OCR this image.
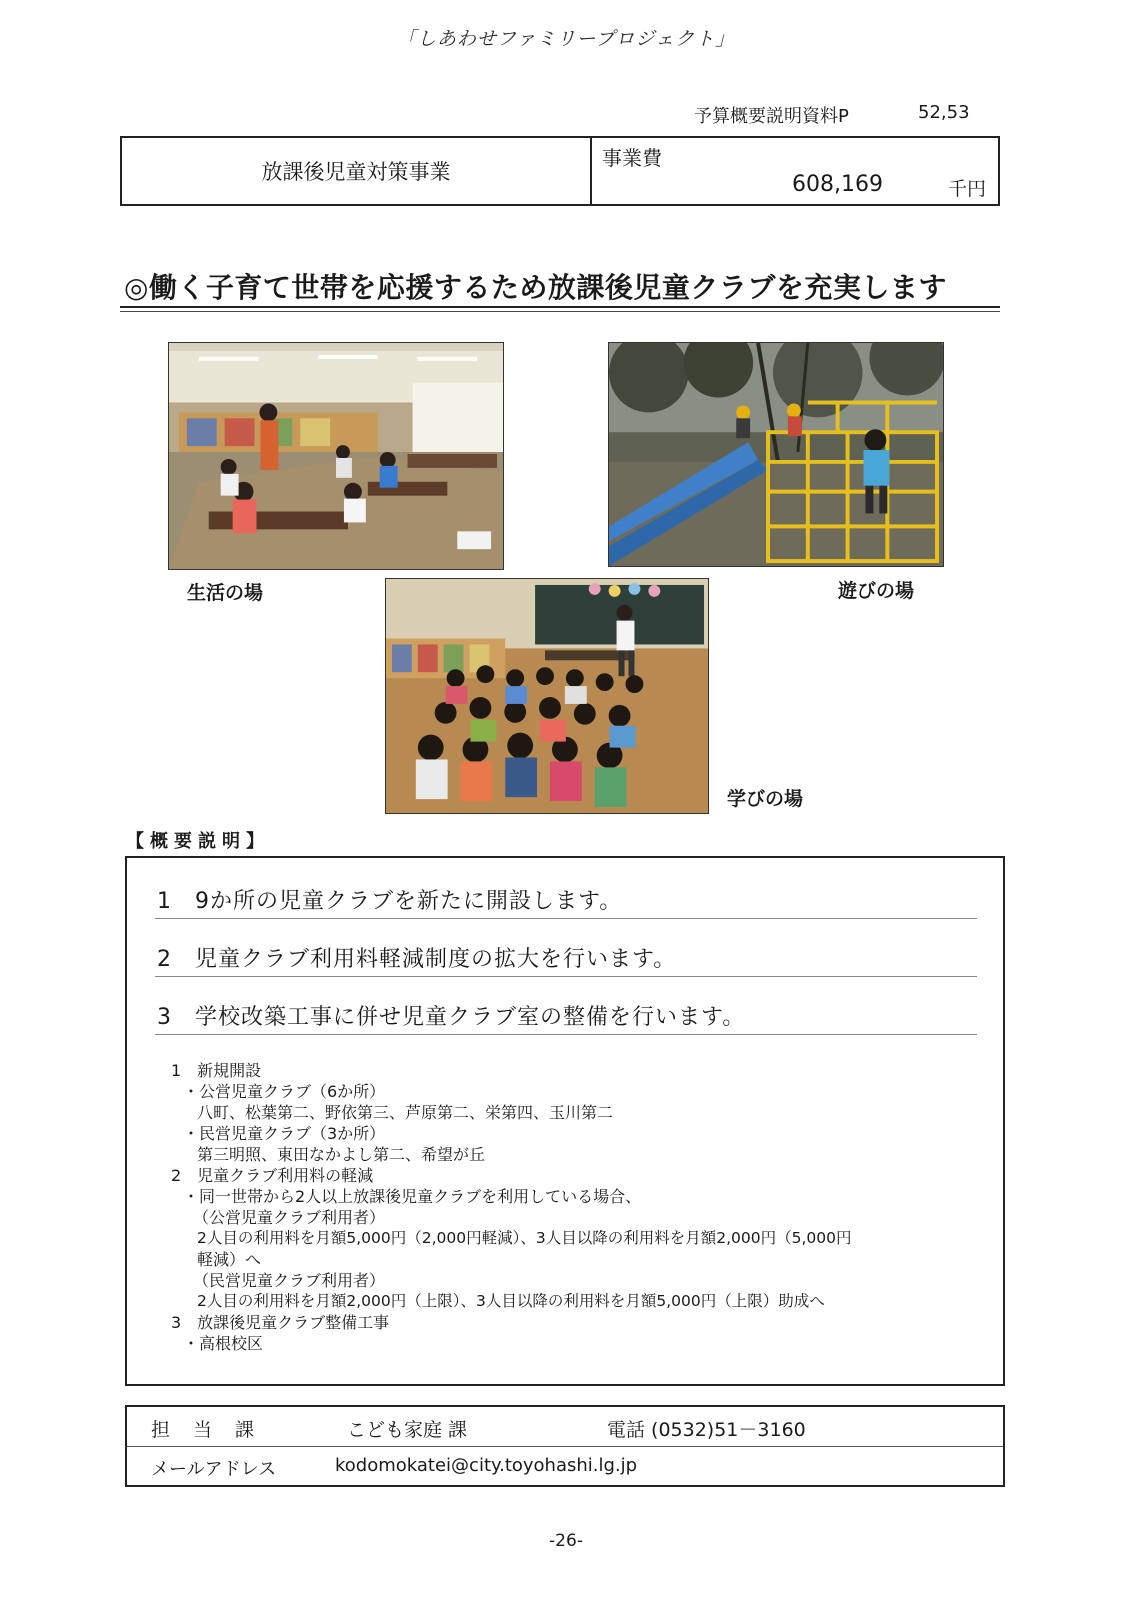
「しあわせファミリープロジェクト」
予算概要説明資料P	52,53
放課後児童対策事業
事業費
608,169	千円
◎働く子育て世帯を応援するため放課後児童クラブを充実します
生活の場	遊びの場
学びの場
【概要説明】
1　9か所の児童クラブを新たに開設します。
2　児童クラブ利用料軽減制度の拡大を行います。
3　学校改築工事に併せ児童クラブ室の整備を行います。
1　新規開設
・公営児童クラブ（6か所）
八町、松葉第二、野依第三、芦原第二、栄第四、玉川第二
・民営児童クラブ（3か所）
第三明照、東田なかよし第二、希望が丘
2　児童クラブ利用料の軽減
・同一世帯から2人以上放課後児童クラブを利用している場合、
（公営児童クラブ利用者）
2人目の利用料を月額5,000円（2,000円軽減）、3人目以降の利用料を月額2,000円（5,000円
軽減）へ
（民営児童クラブ利用者）
2人目の利用料を月額2,000円（上限）、3人目以降の利用料を月額5,000円（上限）助成へ
3　放課後児童クラブ整備工事
・高根校区
担　当　課	こども家庭 課	電話 (0532)51－3160
メールアドレス	kodomokatei@city.toyohashi.lg.jp
-26-
